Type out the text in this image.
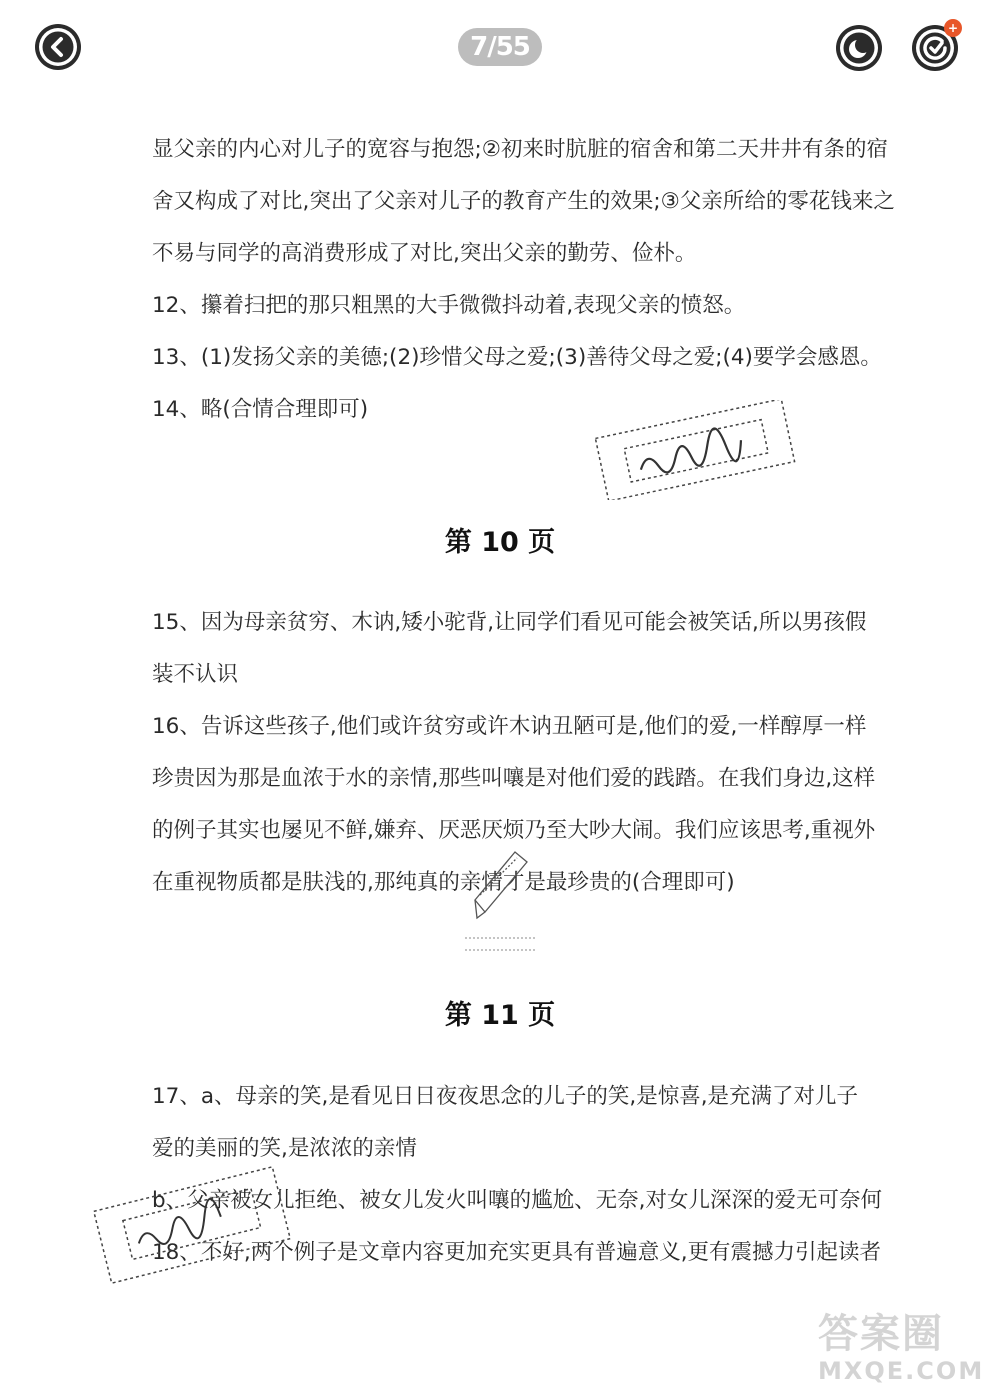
7/55
+
显父亲的内心对儿子的宽容与抱怨;②初来时肮脏的宿舍和第二天井井有条的宿
舍又构成了对比,突出了父亲对儿子的教育产生的效果;③父亲所给的零花钱来之
不易与同学的高消费形成了对比,突出父亲的勤劳、俭朴。
12、攥着扫把的那只粗黑的大手微微抖动着,表现父亲的愤怒。
13、(1)发扬父亲的美德;(2)珍惜父母之爱;(3)善待父母之爱;(4)要学会感恩。
14、略(合情合理即可)
15、因为母亲贫穷、木讷,矮小驼背,让同学们看见可能会被笑话,所以男孩假
装不认识
16、告诉这些孩子,他们或许贫穷或许木讷丑陋可是,他们的爱,一样醇厚一样
珍贵因为那是血浓于水的亲情,那些叫嚷是对他们爱的践踏。在我们身边,这样
的例子其实也屡见不鲜,嫌弃、厌恶厌烦乃至大吵大闹。我们应该思考,重视外
在重视物质都是肤浅的,那纯真的亲情才是最珍贵的(合理即可)
17、a、母亲的笑,是看见日日夜夜思念的儿子的笑,是惊喜,是充满了对儿子
爱的美丽的笑,是浓浓的亲情
b、父亲被女儿拒绝、被女儿发火叫嚷的尴尬、无奈,对女儿深深的爱无可奈何
18、不好,两个例子是文章内容更加充实更具有普遍意义,更有震撼力引起读者
第 10 页
第 11 页
答案圈
MXQE.COM
